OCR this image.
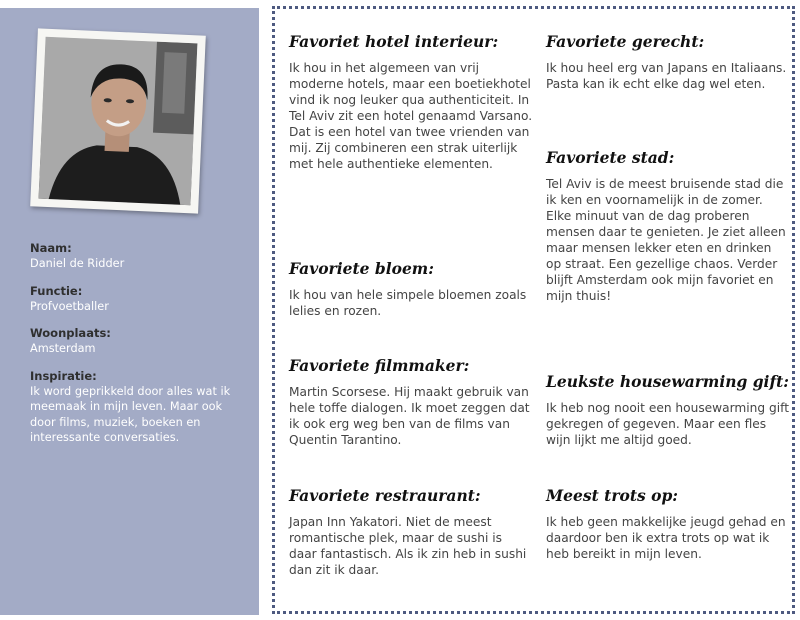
Naam:
Daniel de Ridder
Functie:
Profvoetballer
Woonplaats:
Amsterdam
Inspiratie:
Ik word geprikkeld door alles wat ik meemaak in mijn leven. Maar ook door films, muziek, boeken en interessante conversaties.
Favoriet hotel interieur:
Ik hou in het algemeen van vrij moderne hotels, maar een boetiekhotel vind ik nog leuker qua authenticiteit. In Tel Aviv zit een hotel genaamd Varsano. Dat is een hotel van twee vrienden van mij. Zij combineren een strak uiterlijk met hele authentieke elementen.
Favoriete bloem:
Ik hou van hele simpele bloemen zoals lelies en rozen.
Favoriete filmmaker:
Martin Scorsese. Hij maakt gebruik van hele toffe dialogen. Ik moet zeggen dat ik ook erg weg ben van de films van Quentin Tarantino.
Favoriete restraurant:
Japan Inn Yakatori. Niet de meest romantische plek, maar de sushi is daar fantastisch. Als ik zin heb in sushi dan zit ik daar.
Favoriete gerecht:
Ik hou heel erg van Japans en Italiaans. Pasta kan ik echt elke dag wel eten.
Favoriete stad:
Tel Aviv is de meest bruisende stad die ik ken en voornamelijk in de zomer. Elke minuut van de dag proberen mensen daar te genieten. Je ziet alleen maar mensen lekker eten en drinken op straat. Een gezellige chaos. Verder blijft Amsterdam ook mijn favoriet en mijn thuis!
Leukste housewarming gift:
Ik heb nog nooit een housewarming gift gekregen of gegeven. Maar een fles wijn lijkt me altijd goed.
Meest trots op:
Ik heb geen makkelijke jeugd gehad en daardoor ben ik extra trots op wat ik heb bereikt in mijn leven.
